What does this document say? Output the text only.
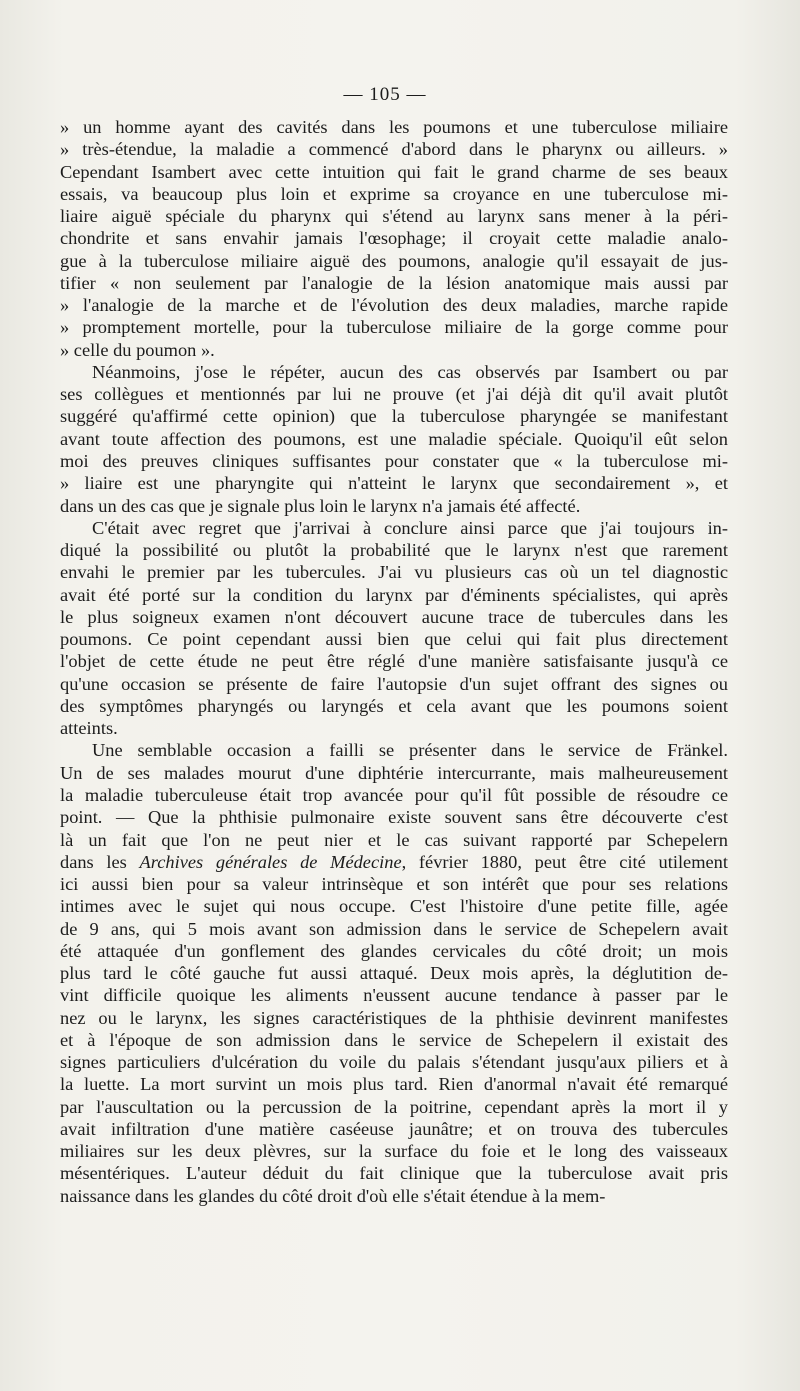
— 105 —
» un homme ayant des cavités dans les poumons et une tuberculose miliaire
» très-étendue, la maladie a commencé d'abord dans le pharynx ou ailleurs. »
Cependant Isambert avec cette intuition qui fait le grand charme de ses beaux
essais, va beaucoup plus loin et exprime sa croyance en une tuberculose mi-
liaire aiguë spéciale du pharynx qui s'étend au larynx sans mener à la péri-
chondrite et sans envahir jamais l'œsophage; il croyait cette maladie analo-
gue à la tuberculose miliaire aiguë des poumons, analogie qu'il essayait de jus-
tifier « non seulement par l'analogie de la lésion anatomique mais aussi par
» l'analogie de la marche et de l'évolution des deux maladies, marche rapide
» promptement mortelle, pour la tuberculose miliaire de la gorge comme pour
» celle du poumon ».
Néanmoins, j'ose le répéter, aucun des cas observés par Isambert ou par
ses collègues et mentionnés par lui ne prouve (et j'ai déjà dit qu'il avait plutôt
suggéré qu'affirmé cette opinion) que la tuberculose pharyngée se manifestant
avant toute affection des poumons, est une maladie spéciale. Quoiqu'il eût selon
moi des preuves cliniques suffisantes pour constater que « la tuberculose mi-
» liaire est une pharyngite qui n'atteint le larynx que secondairement », et
dans un des cas que je signale plus loin le larynx n'a jamais été affecté.
C'était avec regret que j'arrivai à conclure ainsi parce que j'ai toujours in-
diqué la possibilité ou plutôt la probabilité que le larynx n'est que rarement
envahi le premier par les tubercules. J'ai vu plusieurs cas où un tel diagnostic
avait été porté sur la condition du larynx par d'éminents spécialistes, qui après
le plus soigneux examen n'ont découvert aucune trace de tubercules dans les
poumons. Ce point cependant aussi bien que celui qui fait plus directement
l'objet de cette étude ne peut être réglé d'une manière satisfaisante jusqu'à ce
qu'une occasion se présente de faire l'autopsie d'un sujet offrant des signes ou
des symptômes pharyngés ou laryngés et cela avant que les poumons soient
atteints.
Une semblable occasion a failli se présenter dans le service de Fränkel.
Un de ses malades mourut d'une diphtérie intercurrante, mais malheureusement
la maladie tuberculeuse était trop avancée pour qu'il fût possible de résoudre ce
point. — Que la phthisie pulmonaire existe souvent sans être découverte c'est
là un fait que l'on ne peut nier et le cas suivant rapporté par Schepelern
dans les Archives générales de Médecine, février 1880, peut être cité utilement
ici aussi bien pour sa valeur intrinsèque et son intérêt que pour ses relations
intimes avec le sujet qui nous occupe. C'est l'histoire d'une petite fille, agée
de 9 ans, qui 5 mois avant son admission dans le service de Schepelern avait
été attaquée d'un gonflement des glandes cervicales du côté droit; un mois
plus tard le côté gauche fut aussi attaqué. Deux mois après, la déglutition de-
vint difficile quoique les aliments n'eussent aucune tendance à passer par le
nez ou le larynx, les signes caractéristiques de la phthisie devinrent manifestes
et à l'époque de son admission dans le service de Schepelern il existait des
signes particuliers d'ulcération du voile du palais s'étendant jusqu'aux piliers et à
la luette. La mort survint un mois plus tard. Rien d'anormal n'avait été remarqué
par l'auscultation ou la percussion de la poitrine, cependant après la mort il y
avait infiltration d'une matière caséeuse jaunâtre; et on trouva des tubercules
miliaires sur les deux plèvres, sur la surface du foie et le long des vaisseaux
mésentériques. L'auteur déduit du fait clinique que la tuberculose avait pris
naissance dans les glandes du côté droit d'où elle s'était étendue à la mem-
